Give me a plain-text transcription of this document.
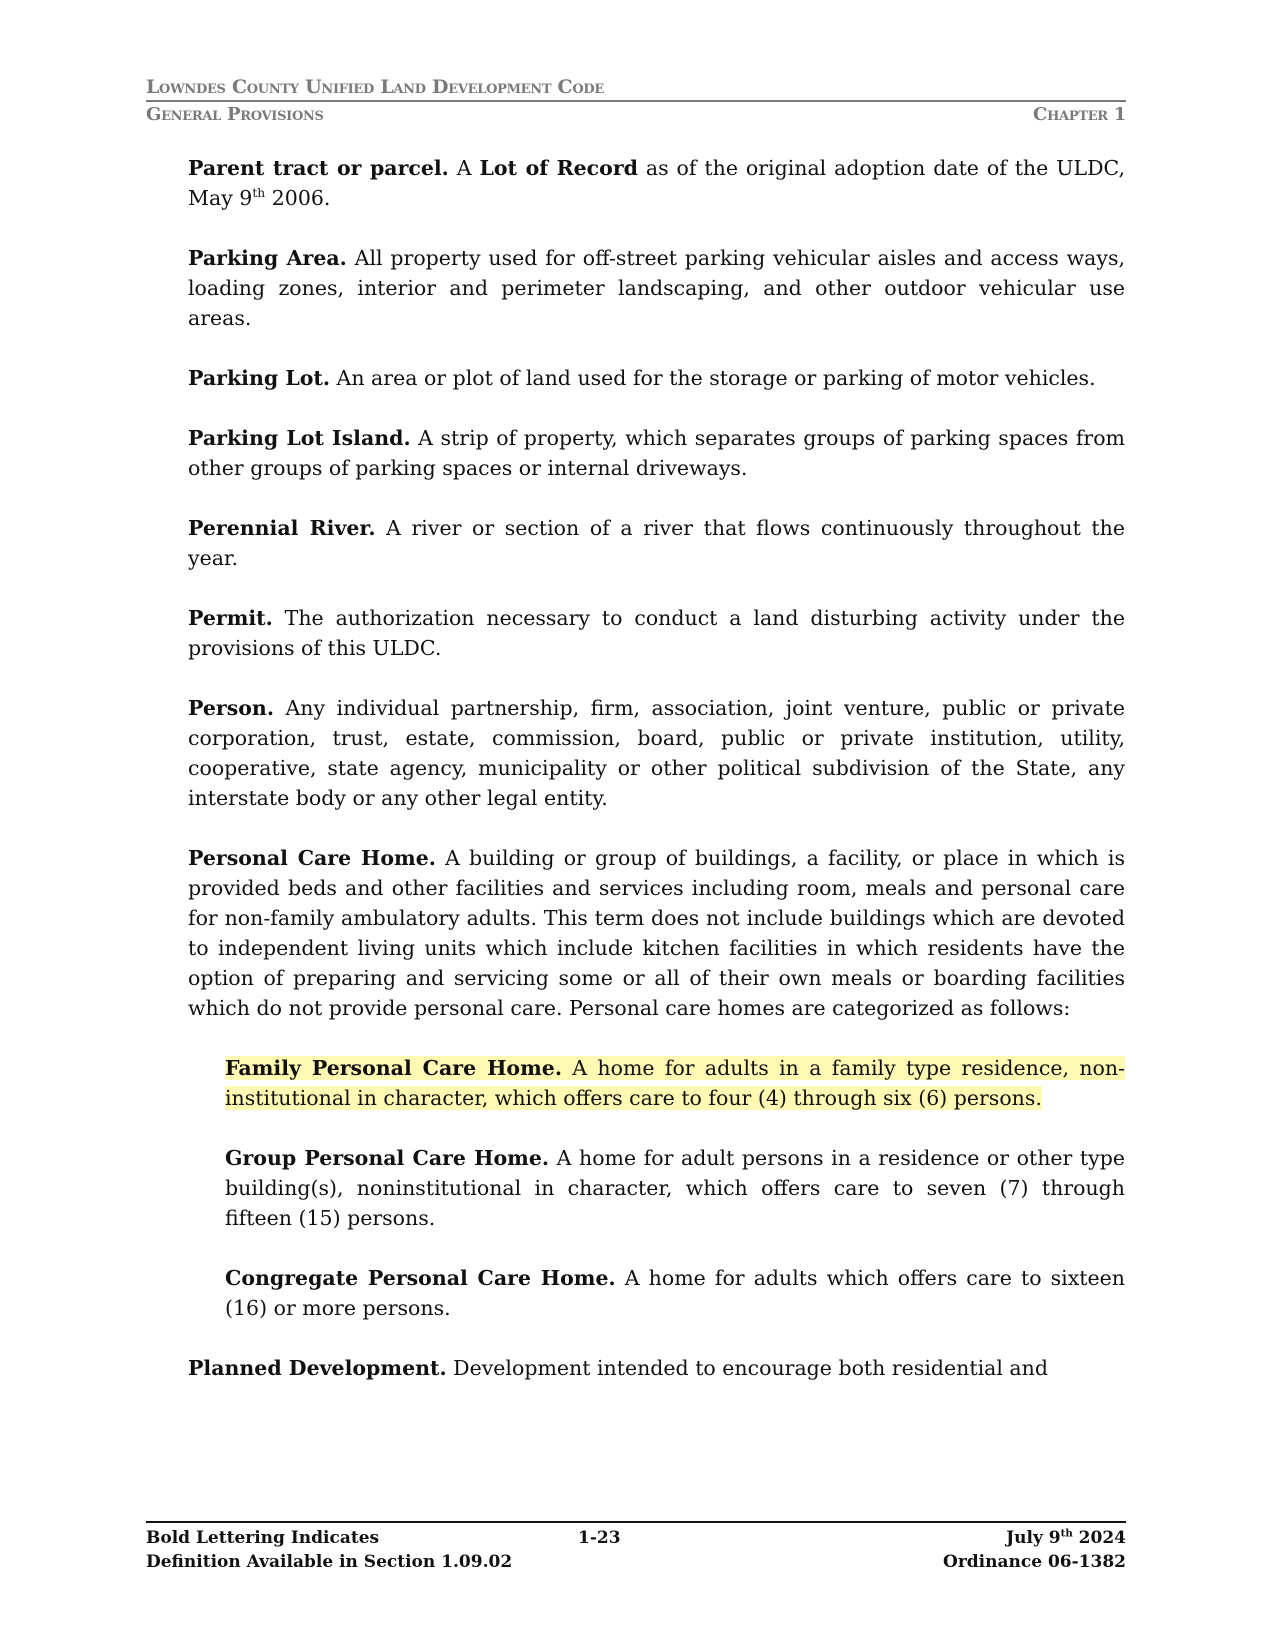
Lowndes County Unified Land Development Code
General Provisions	Chapter 1

Parent tract or parcel. A Lot of Record as of the original adoption date of the ULDC, May 9th 2006.

Parking Area. All property used for off-street parking vehicular aisles and access ways, loading zones, interior and perimeter landscaping, and other outdoor vehicular use areas.

Parking Lot. An area or plot of land used for the storage or parking of motor vehicles.

Parking Lot Island. A strip of property, which separates groups of parking spaces from other groups of parking spaces or internal driveways.

Perennial River. A river or section of a river that flows continuously throughout the year.

Permit. The authorization necessary to conduct a land disturbing activity under the provisions of this ULDC.

Person. Any individual partnership, firm, association, joint venture, public or private corporation, trust, estate, commission, board, public or private institution, utility, cooperative, state agency, municipality or other political subdivision of the State, any interstate body or any other legal entity.

Personal Care Home. A building or group of buildings, a facility, or place in which is provided beds and other facilities and services including room, meals and personal care for non-family ambulatory adults. This term does not include buildings which are devoted to independent living units which include kitchen facilities in which residents have the option of preparing and servicing some or all of their own meals or boarding facilities which do not provide personal care. Personal care homes are categorized as follows:

Family Personal Care Home. A home for adults in a family type residence, non-institutional in character, which offers care to four (4) through six (6) persons.

Group Personal Care Home. A home for adult persons in a residence or other type building(s), noninstitutional in character, which offers care to seven (7) through fifteen (15) persons.

Congregate Personal Care Home. A home for adults which offers care to sixteen (16) or more persons.

Planned Development. Development intended to encourage both residential and

Bold Lettering Indicates
Definition Available in Section 1.09.02
1-23	July 9th 2024
Ordinance 06-1382
